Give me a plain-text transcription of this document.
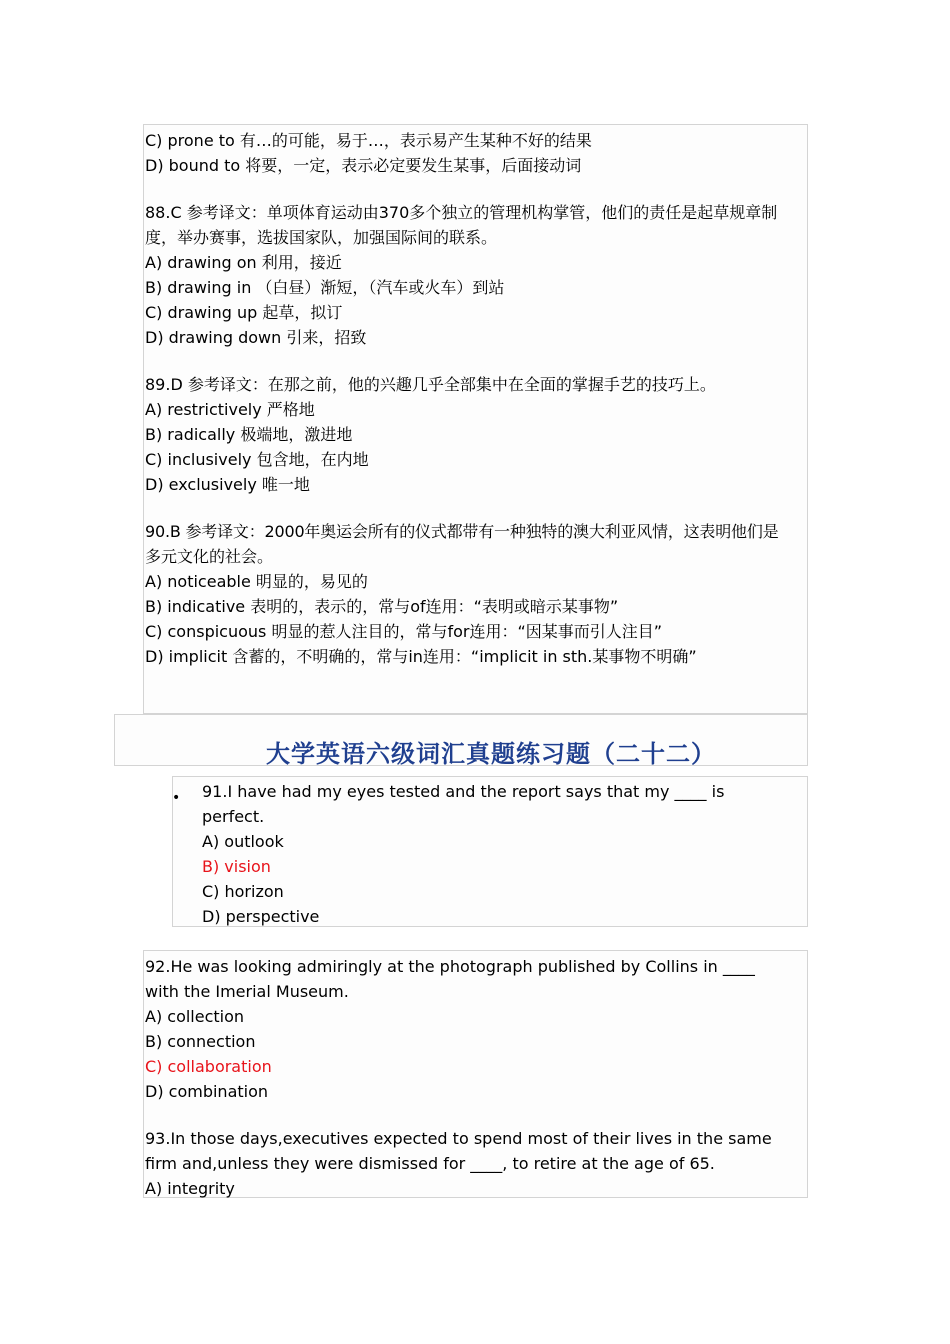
C) prone to 有…的可能，易于…，表示易产生某种不好的结果
D) bound to 将要，一定，表示必定要发生某事，后面接动词
88.C 参考译文：单项体育运动由370多个独立的管理机构掌管，他们的责任是起草规章制
度，举办赛事，选拔国家队，加强国际间的联系。
A) drawing on 利用，接近
B) drawing in （白昼）渐短，（汽车或火车）到站
C) drawing up 起草，拟订
D) drawing down 引来，招致
89.D 参考译文：在那之前，他的兴趣几乎全部集中在全面的掌握手艺的技巧上。
A) restrictively 严格地
B) radically 极端地，激进地
C) inclusively 包含地，在内地
D) exclusively 唯一地
90.B 参考译文：2000年奥运会所有的仪式都带有一种独特的澳大利亚风情，这表明他们是
多元文化的社会。
A) noticeable 明显的，易见的
B) indicative 表明的，表示的，常与of连用：“表明或暗示某事物”
C) conspicuous 明显的惹人注目的，常与for连用：“因某事而引人注目”
D) implicit 含蓄的，不明确的，常与in连用：“implicit in sth.某事物不明确”
大学英语六级词汇真题练习题（二十二）
• 91.I have had my eyes tested and the report says that my ____ is
perfect.
A) outlook
B) vision
C) horizon
D) perspective
92.He was looking admiringly at the photograph published by Collins in ____
with the Imerial Museum.
A) collection
B) connection
C) collaboration
D) combination
93.In those days,executives expected to spend most of their lives in the same
firm and,unless they were dismissed for ____, to retire at the age of 65.
A) integrity
